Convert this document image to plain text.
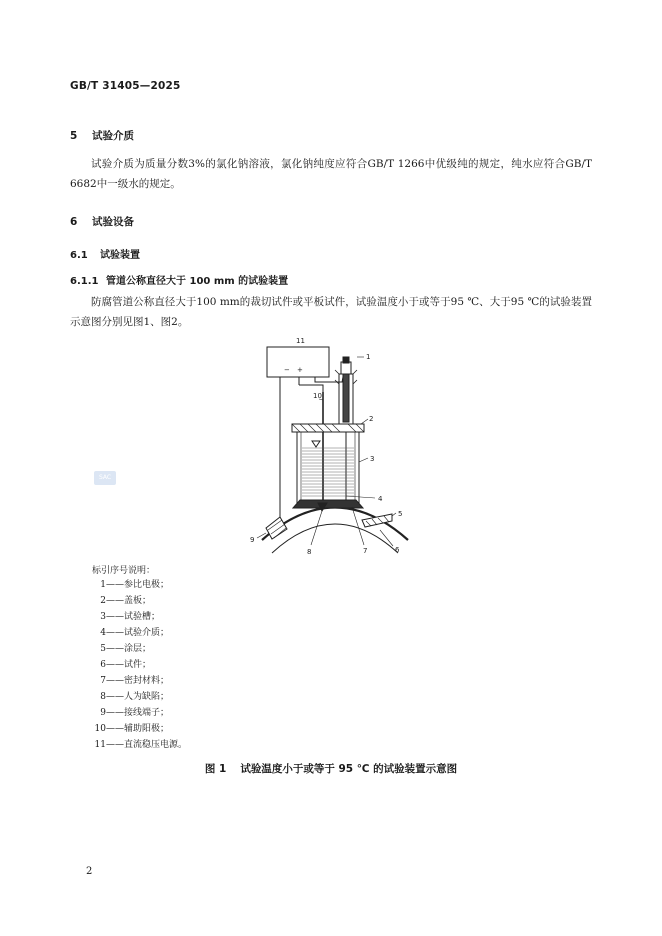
GB/T 31405—2025
5 试验介质

试验介质为质量分数3%的氯化钠溶液，氯化钠纯度应符合GB/T 1266中优级纯的规定，纯水应符合GB/T 6682中一级水的规定。

6 试验设备
6.1 试验装置
6.1.1 管道公称直径大于 100 mm 的试验装置

防腐管道公称直径大于100 mm的裁切试件或平板试件，试验温度小于或等于95 ℃、大于95 ℃的试验装置示意图分别见图1、图2。

SAC
11
1
2
3
4
5
6
7
8
9
10
− +
标引序号说明：
1——参比电极；
2——盖板；
3——试验槽；
4——试验介质；
5——涂层；
6——试件；
7——密封材料；
8——人为缺陷；
9——接线端子；
10——辅助阳极；
11——直流稳压电源。
图 1 试验温度小于或等于 95 ℃ 的试验装置示意图
2
